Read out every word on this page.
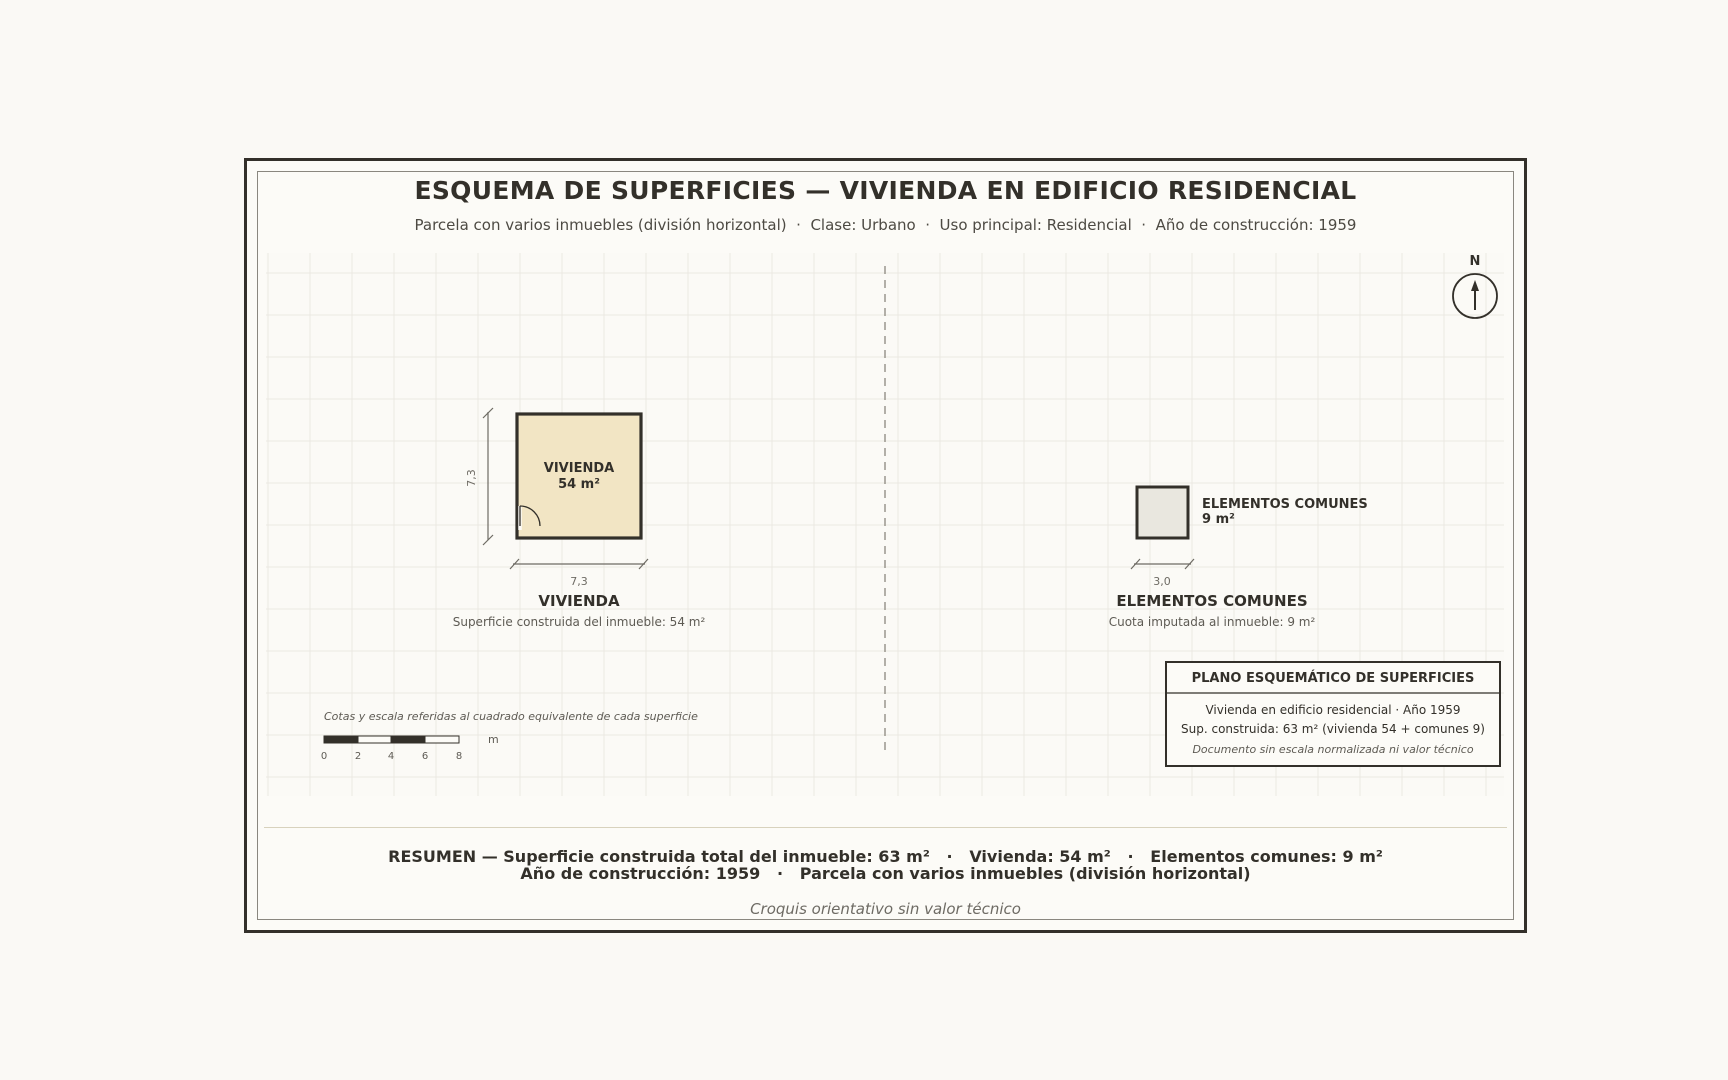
ESQUEMA DE SUPERFICIES — VIVIENDA EN EDIFICIO RESIDENCIAL
Parcela con varios inmuebles (división horizontal)  ·  Clase: Urbano  ·  Uso principal: Residencial  ·  Año de construcción: 1959
RESUMEN — Superficie construida total del inmueble: 63 m²   ·   Vivienda: 54 m²   ·   Elementos comunes: 9 m²
Año de construcción: 1959   ·   Parcela con varios inmuebles (división horizontal)
Croquis orientativo sin valor técnico
N
VIVIENDA
54 m²
7,3
7,3
VIVIENDA
Superficie construida del inmueble: 54 m²
ELEMENTOS COMUNES
9 m²
3,0
ELEMENTOS COMUNES
Cuota imputada al inmueble: 9 m²
Cotas y escala referidas al cuadrado equivalente de cada superficie
0	2	4	6	8
m
PLANO ESQUEMÁTICO DE SUPERFICIES
Vivienda en edificio residencial · Año 1959
Sup. construida: 63 m² (vivienda 54 + comunes 9)
Documento sin escala normalizada ni valor técnico
